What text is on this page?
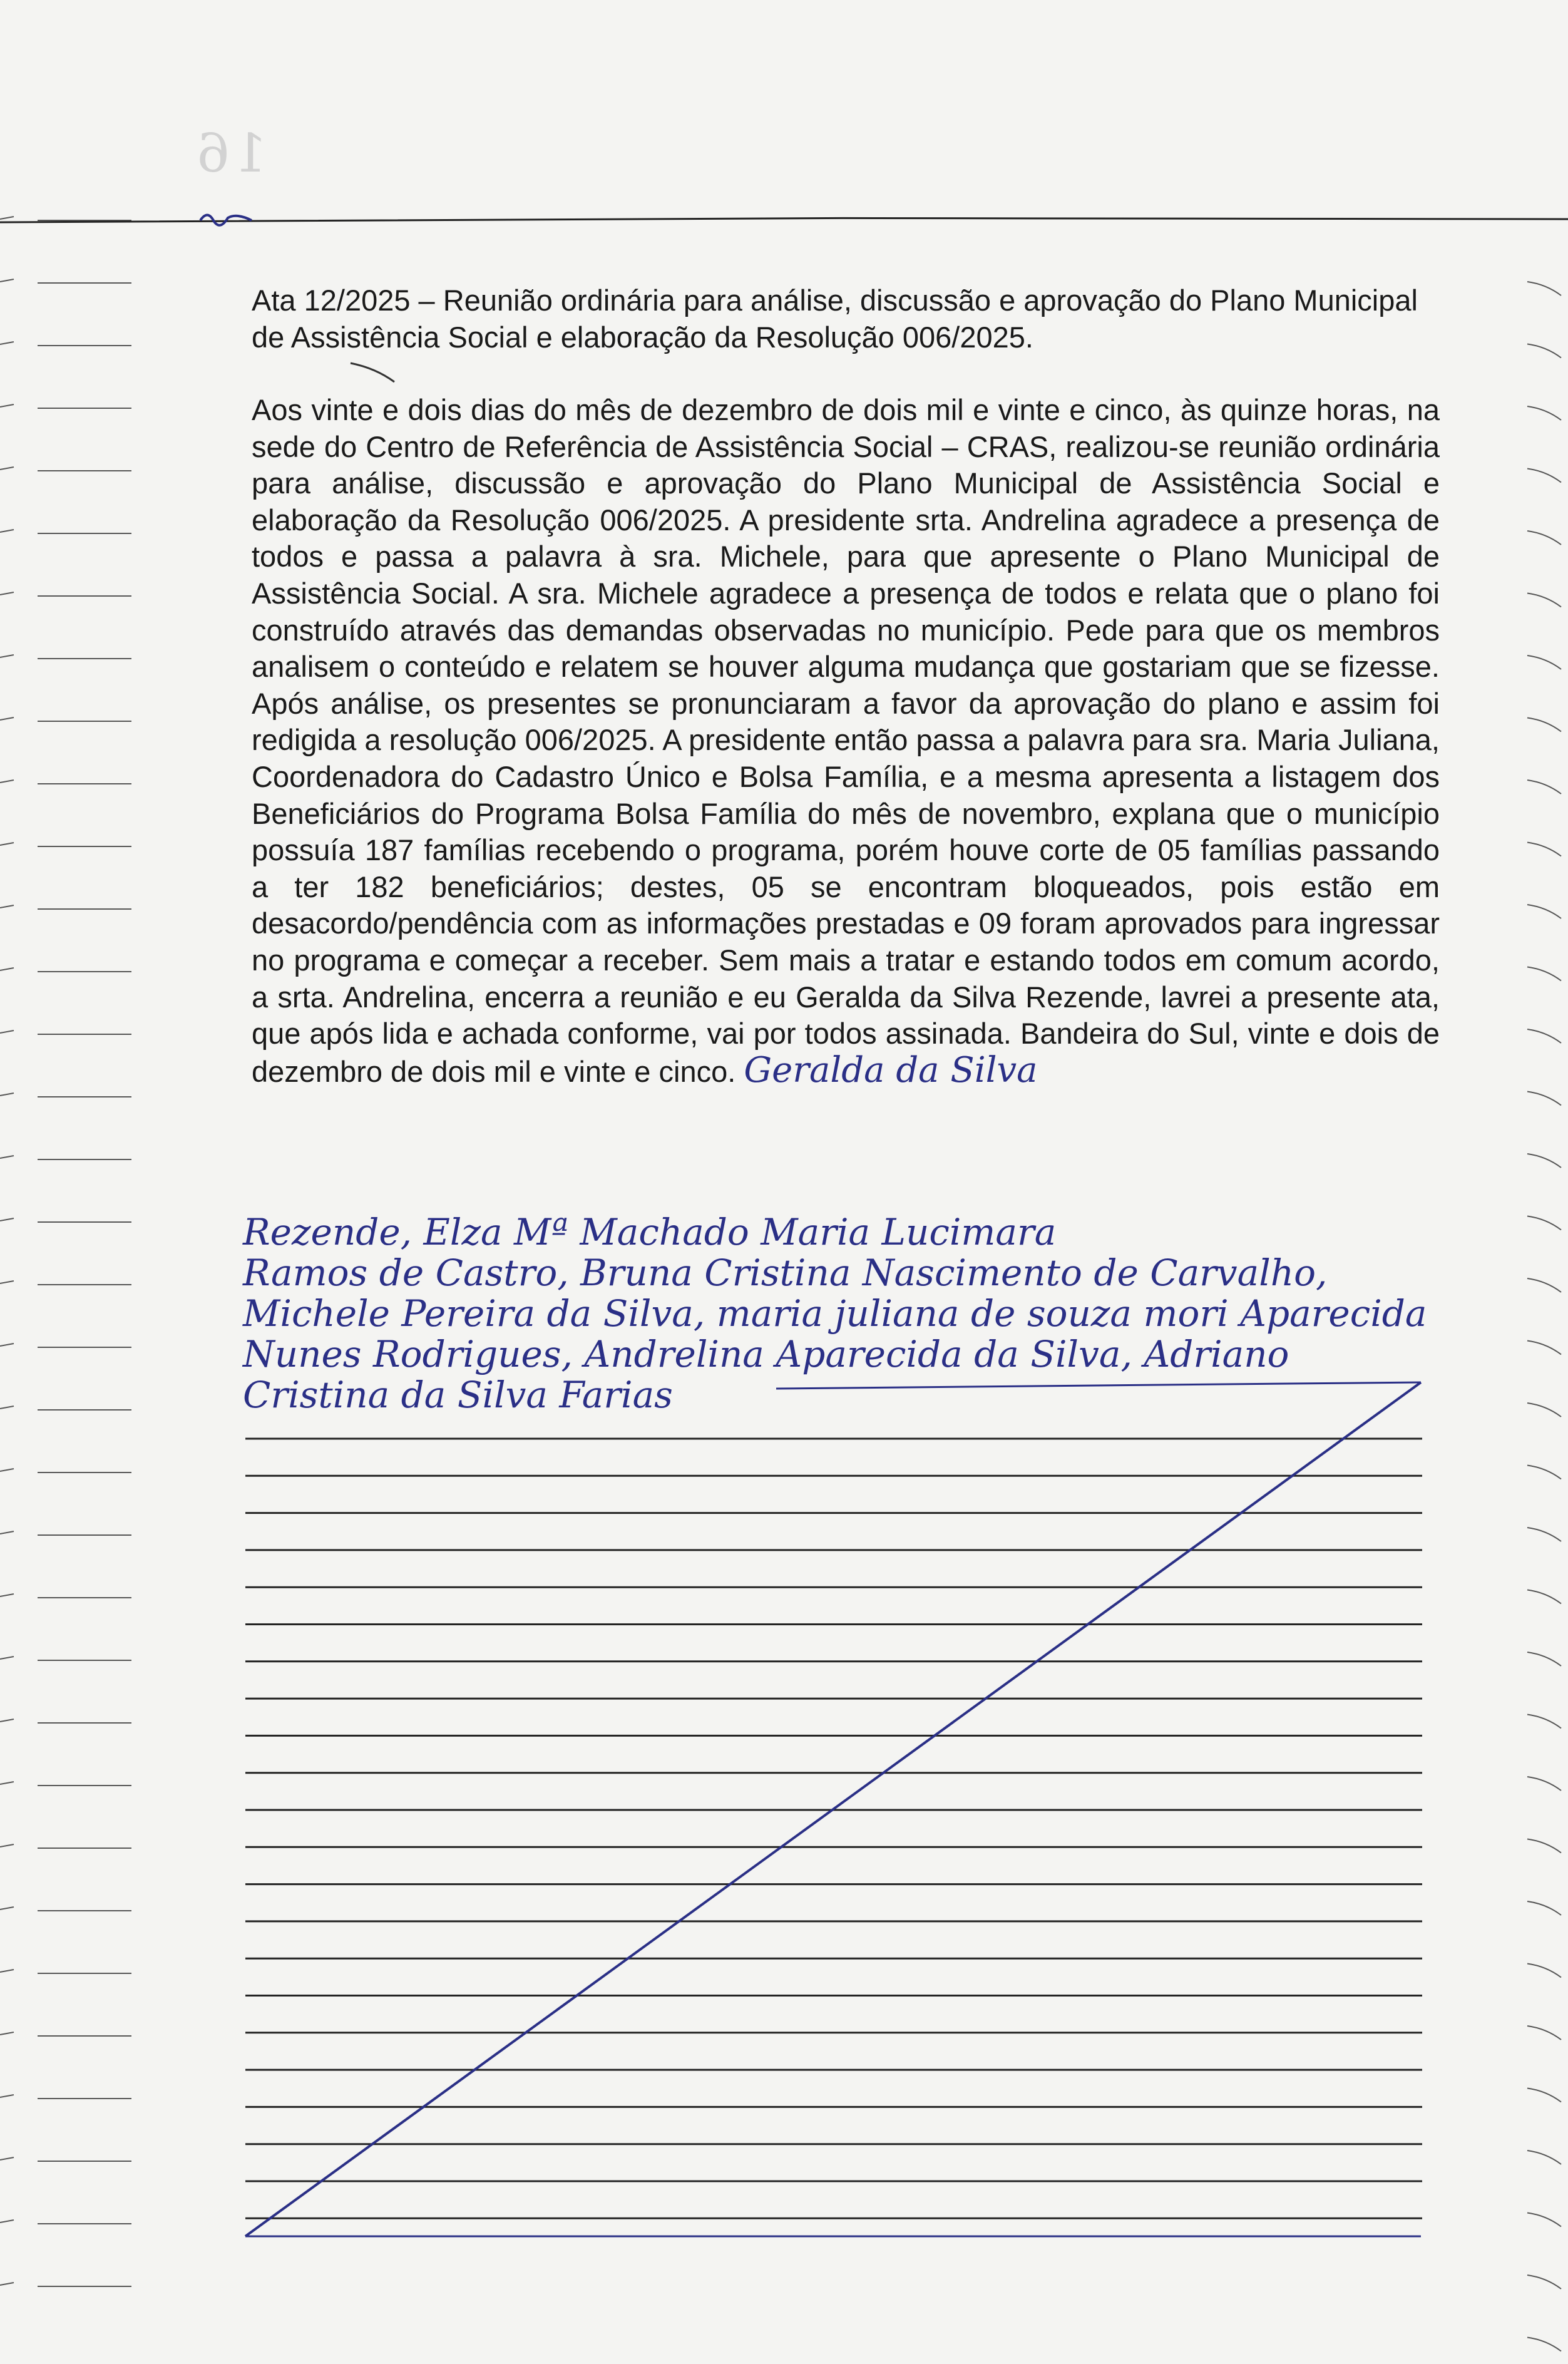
16
Ata 12/2025 – Reunião ordinária para análise, discussão e aprovação do Plano Municipal de Assistência Social e elaboração da Resolução 006/2025.

Aos vinte e dois dias do mês de dezembro de dois mil e vinte e cinco, às quinze horas, na sede do Centro de Referência de Assistência Social – CRAS, realizou-se reunião ordinária para análise, discussão e aprovação do Plano Municipal de Assistência Social e elaboração da Resolução 006/2025. A presidente srta. Andrelina agradece a presença de todos e passa a palavra à sra. Michele, para que apresente o Plano Municipal de Assistência Social. A sra. Michele agradece a presença de todos e relata que o plano foi construído através das demandas observadas no município. Pede para que os membros analisem o conteúdo e relatem se houver alguma mudança que gostariam que se fizesse. Após análise, os presentes se pronunciaram a favor da aprovação do plano e assim foi redigida a resolução 006/2025. A presidente então passa a palavra para sra. Maria Juliana, Coordenadora do Cadastro Único e Bolsa Família, e a mesma apresenta a listagem dos Beneficiários do Programa Bolsa Família do mês de novembro, explana que o município possuía 187 famílias recebendo o programa, porém houve corte de 05 famílias passando a ter 182 beneficiários; destes, 05 se encontram bloqueados, pois estão em desacordo/pendência com as informações prestadas e 09 foram aprovados para ingressar no programa e começar a receber. Sem mais a tratar e estando todos em comum acordo, a srta. Andrelina, encerra a reunião e eu Geralda da Silva Rezende, lavrei a presente ata, que após lida e achada conforme, vai por todos assinada. Bandeira do Sul, vinte e dois de dezembro de dois mil e vinte e cinco. Geralda da Silva

Rezende, Elza Mª Machado Maria Lucimara
Ramos de Castro, Bruna Cristina Nascimento de Carvalho,
Michele Pereira da Silva, maria juliana de souza mori Aparecida
Nunes Rodrigues, Andrelina Aparecida da Silva, Adriano
Cristina da Silva Farias
